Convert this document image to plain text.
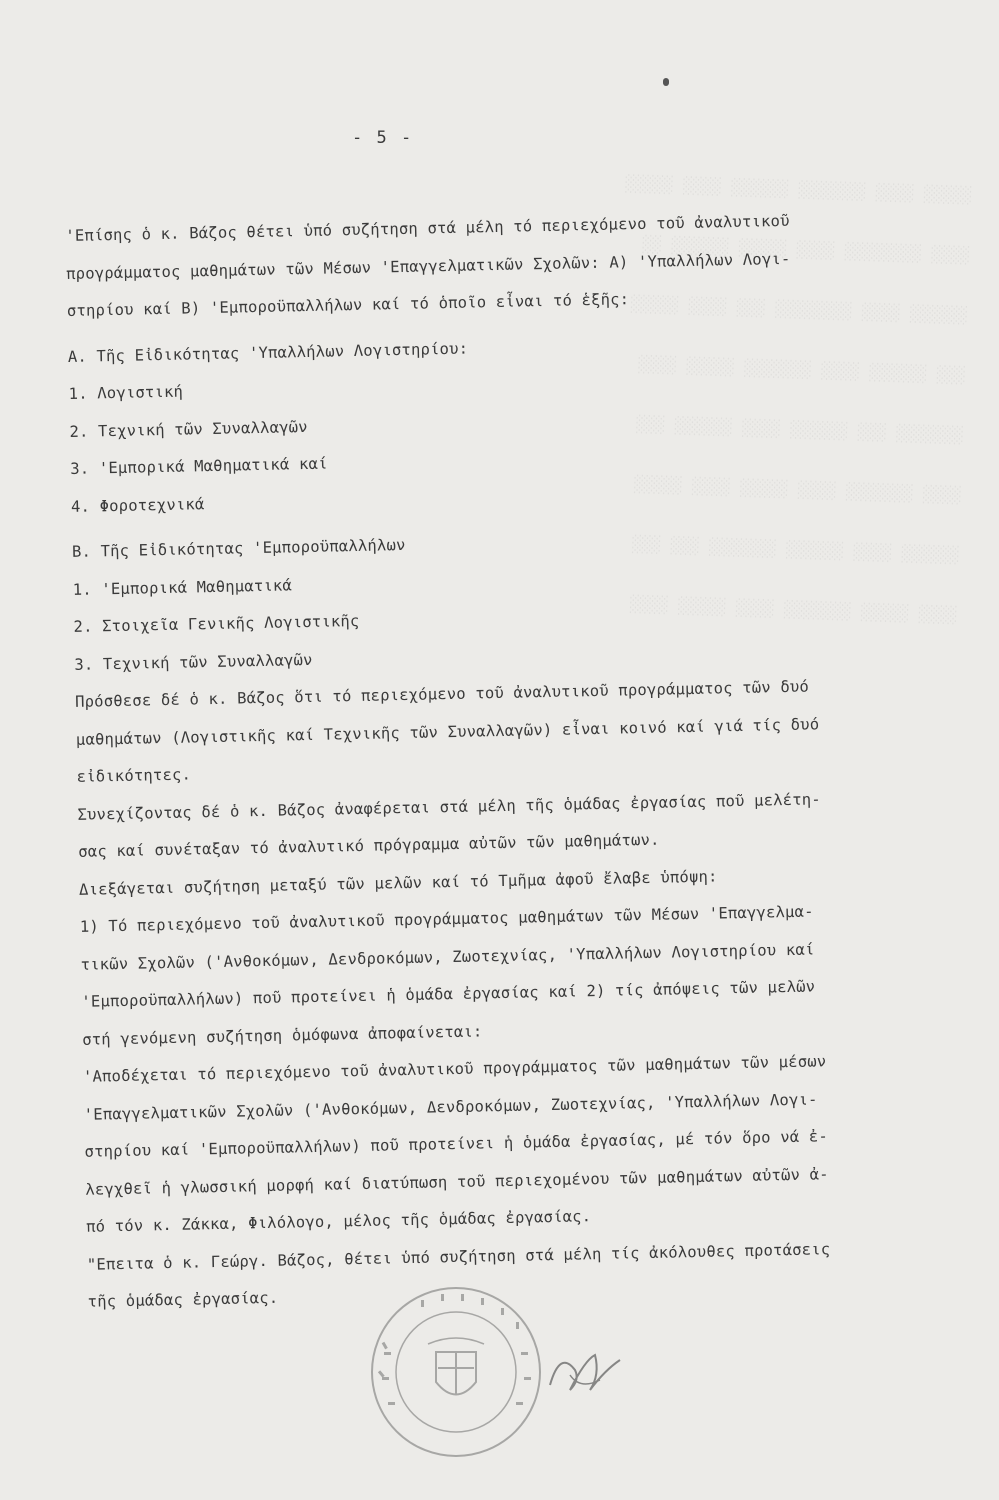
░░░░░ ░░░░ ░░░░░░░ ░░░░░░ ░░░░ ░░░░░
░░░░ ░░░░░░░░ ░░░░ ░░░░░ ░░░░░░ ░░
░░░░░░ ░░░░ ░░░░░░░░ ░░░ ░░░░ ░░░░░
░░░ ░░░░░░ ░░░░ ░░░░░░░ ░░░░░ ░░░░
░░░░░░░ ░░░ ░░░░░░ ░░░░ ░░░░░░ ░░░
░░░░ ░░░░░░░ ░░░░ ░░░░░ ░░░░ ░░░░░
░░░░░░ ░░░░ ░░░░░░ ░░░░░░░ ░░░ ░░░
░░░░ ░░░░░ ░░░░░░░ ░░░░ ░░░░░ ░░░░
- 5 -
'Επίσης ὁ κ. Βάζος θέτει ὑπό συζήτηση στά μέλη τό περιεχόμενο τοῦ ἀναλυτικοῦ
προγράμματος μαθημάτων τῶν Μέσων 'Επαγγελματικῶν Σχολῶν: Α) 'Υπαλλήλων Λογι-
στηρίου καί Β) 'Εμποροϋπαλλήλων καί τό ὁποῖο εἶναι τό ἑξῆς:
Α. Τῆς Εἰδικότητας 'Υπαλλήλων Λογιστηρίου:
1. Λογιστική
2. Τεχνική τῶν Συναλλαγῶν
3. 'Εμπορικά Μαθηματικά καί
4. Φοροτεχνικά
Β. Τῆς Εἰδικότητας 'Εμποροϋπαλλήλων
1. 'Εμπορικά Μαθηματικά
2. Στοιχεῖα Γενικῆς Λογιστικῆς
3. Τεχνική τῶν Συναλλαγῶν
Πρόσθεσε δέ ὁ κ. Βάζος ὅτι τό περιεχόμενο τοῦ ἀναλυτικοῦ προγράμματος τῶν δυό
μαθημάτων (Λογιστικῆς καί Τεχνικῆς τῶν Συναλλαγῶν) εἶναι κοινό καί γιά τίς δυό
εἰδικότητες.
Συνεχίζοντας δέ ὁ κ. Βάζος ἀναφέρεται στά μέλη τῆς ὁμάδας ἐργασίας ποῦ μελέτη-
σας καί συνέταξαν τό ἀναλυτικό πρόγραμμα αὐτῶν τῶν μαθημάτων.
Διεξάγεται συζήτηση μεταξύ τῶν μελῶν καί τό Τμῆμα ἀφοῦ ἔλαβε ὑπόψη:
1) Τό περιεχόμενο τοῦ ἀναλυτικοῦ προγράμματος μαθημάτων τῶν Μέσων 'Επαγγελμα-
τικῶν Σχολῶν ('Ανθοκόμων, Δενδροκόμων, Ζωοτεχνίας, 'Υπαλλήλων Λογιστηρίου καί
'Εμποροϋπαλλήλων) ποῦ προτείνει ἡ ὁμάδα ἐργασίας καί 2) τίς ἀπόψεις τῶν μελῶν
στή γενόμενη συζήτηση ὁμόφωνα ἀποφαίνεται:
'Αποδέχεται τό περιεχόμενο τοῦ ἀναλυτικοῦ προγράμματος τῶν μαθημάτων τῶν μέσων
'Επαγγελματικῶν Σχολῶν ('Ανθοκόμων, Δενδροκόμων, Ζωοτεχνίας, 'Υπαλλήλων Λογι-
στηρίου καί 'Εμποροϋπαλλήλων) ποῦ προτείνει ἡ ὁμάδα ἐργασίας, μέ τόν ὅρο νά ἐ-
λεγχθεῖ ἡ γλωσσική μορφή καί διατύπωση τοῦ περιεχομένου τῶν μαθημάτων αὐτῶν ἀ-
πό τόν κ. Ζάκκα, Φιλόλογο, μέλος τῆς ὁμάδας ἐργασίας.
"Επειτα ὁ κ. Γεώργ. Βάζος, θέτει ὑπό συζήτηση στά μέλη τίς ἀκόλουθες προτάσεις
τῆς ὁμάδας ἐργασίας.
